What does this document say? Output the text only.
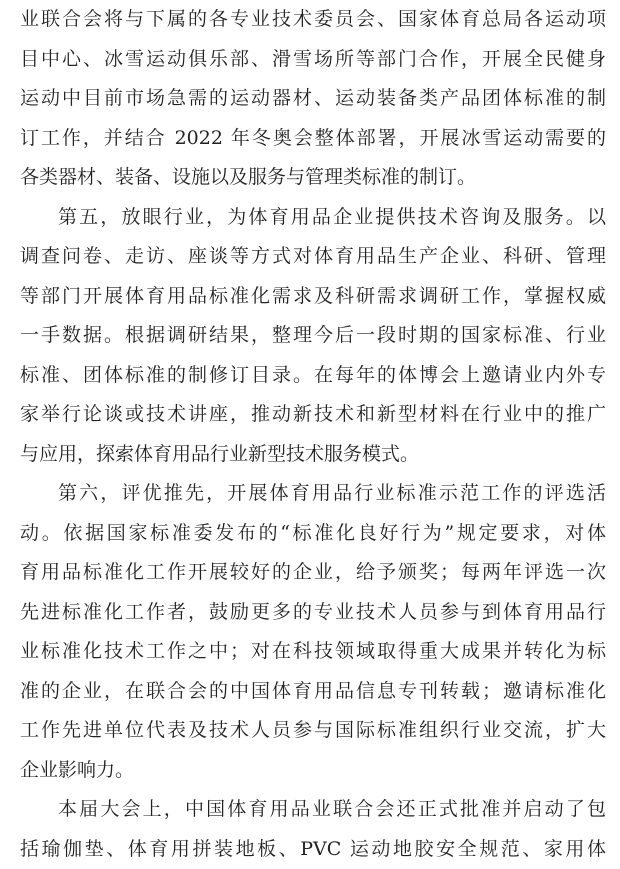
业联合会将与下属的各专业技术委员会、国家体育总局各运动项
目中心、冰雪运动俱乐部、滑雪场所等部门合作，开展全民健身
运动中目前市场急需的运动器材、运动装备类产品团体标准的制
订工作，并结合 2022 年冬奥会整体部署，开展冰雪运动需要的
各类器材、装备、设施以及服务与管理类标准的制订。
第五，放眼行业，为体育用品企业提供技术咨询及服务。以
调查问卷、走访、座谈等方式对体育用品生产企业、科研、管理
等部门开展体育用品标准化需求及科研需求调研工作，掌握权威
一手数据。根据调研结果，整理今后一段时期的国家标准、行业
标准、团体标准的制修订目录。在每年的体博会上邀请业内外专
家举行论谈或技术讲座，推动新技术和新型材料在行业中的推广
与应用，探索体育用品行业新型技术服务模式。
第六，评优推先，开展体育用品行业标准示范工作的评选活
动。依据国家标准委发布的“标准化良好行为”规定要求，对体
育用品标准化工作开展较好的企业，给予颁奖；每两年评选一次
先进标准化工作者，鼓励更多的专业技术人员参与到体育用品行
业标准化技术工作之中；对在科技领域取得重大成果并转化为标
准的企业，在联合会的中国体育用品信息专刊转载；邀请标准化
工作先进单位代表及技术人员参与国际标准组织行业交流，扩大
企业影响力。
本届大会上，中国体育用品业联合会还正式批准并启动了包
括瑜伽垫、体育用拼装地板、PVC 运动地胶安全规范、家用体
